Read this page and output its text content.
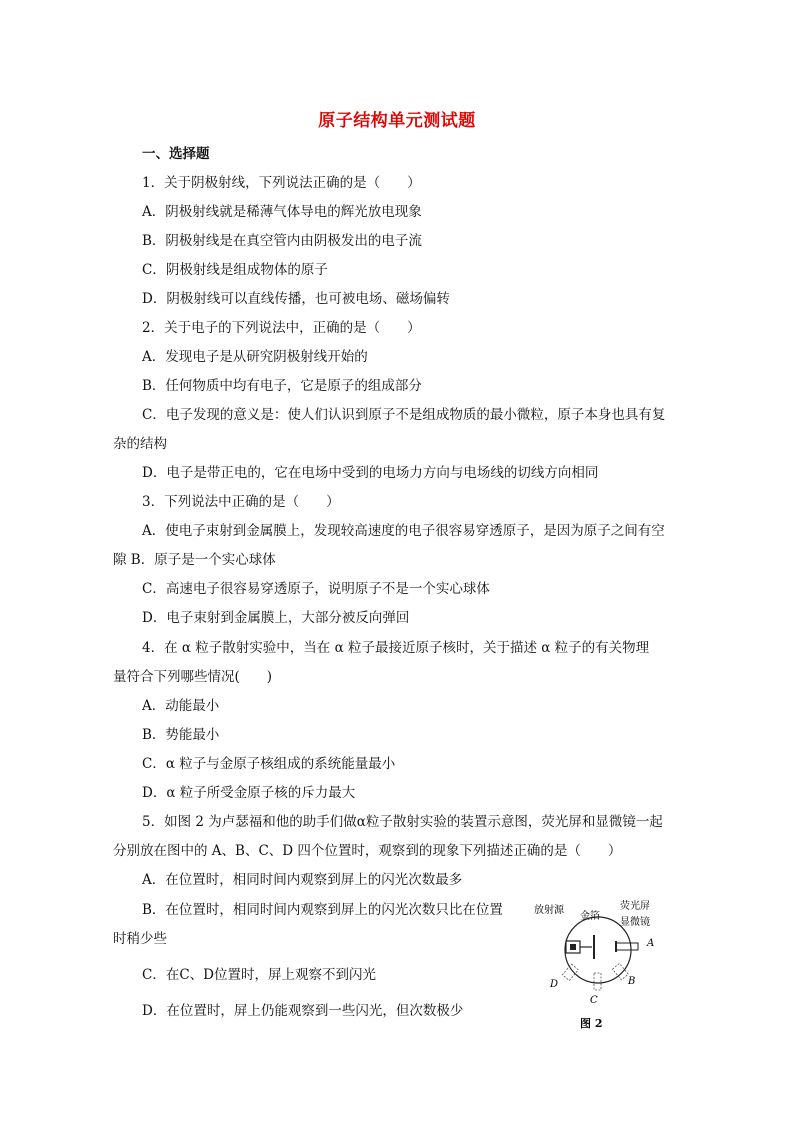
原子结构单元测试题
一、选择题
1．关于阴极射线，下列说法正确的是（　　）
A．阴极射线就是稀薄气体导电的辉光放电现象
B．阴极射线是在真空管内由阴极发出的电子流
C．阴极射线是组成物体的原子
D．阴极射线可以直线传播，也可被电场、磁场偏转
2．关于电子的下列说法中，正确的是（　　）
A．发现电子是从研究阴极射线开始的
B．任何物质中均有电子，它是原子的组成部分
C．电子发现的意义是：使人们认识到原子不是组成物质的最小微粒，原子本身也具有复
杂的结构
D．电子是带正电的，它在电场中受到的电场力方向与电场线的切线方向相同
3．下列说法中正确的是（　　）
A．使电子束射到金属膜上，发现较高速度的电子很容易穿透原子，是因为原子之间有空
隙 B．原子是一个实心球体
C．高速电子很容易穿透原子，说明原子不是一个实心球体
D．电子束射到金属膜上，大部分被反向弹回
4．在 α 粒子散射实验中，当在 α 粒子最接近原子核时，关于描述 α 粒子的有关物理
量符合下列哪些情况(　　)
A．动能最小
B．势能最小
C．α 粒子与金原子核组成的系统能量最小
D．α 粒子所受金原子核的斥力最大
5．如图 2 为卢瑟福和他的助手们做α粒子散射实验的装置示意图，荧光屏和显微镜一起
分别放在图中的 A、B、C、D 四个位置时，观察到的现象下列描述正确的是（　　）
A．在位置时，相同时间内观察到屏上的闪光次数最多
B．在位置时，相同时间内观察到屏上的闪光次数只比在位置
时稍少些
C．在C、D位置时，屏上观察不到闪光
D．在位置时，屏上仍能观察到一些闪光，但次数极少
放射源
金箔
荧光屏
显微镜
A
B
C
D
图 2
